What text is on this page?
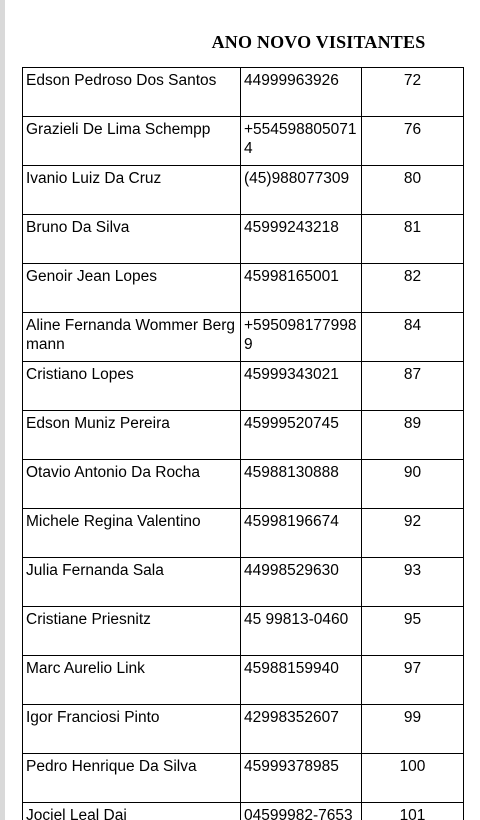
ANO NOVO VISITANTES
Edson Pedroso Dos Santos	44999963926	72
Grazieli De Lima Schempp	+5545988050714	76
Ivanio Luiz Da Cruz	(45)988077309	80
Bruno Da Silva	45999243218	81
Genoir Jean Lopes	45998165001	82
Aline Fernanda Wommer Bergmann	+5950981779989	84
Cristiano Lopes	45999343021	87
Edson Muniz Pereira	45999520745	89
Otavio Antonio Da Rocha	45988130888	90
Michele Regina Valentino	45998196674	92
Julia Fernanda Sala	44998529630	93
Cristiane Priesnitz	45 99813-0460	95
Marc Aurelio Link	45988159940	97
Igor Franciosi Pinto	42998352607	99
Pedro Henrique Da Silva	45999378985	100
Jociel Leal Dai	04599982-7653	101
